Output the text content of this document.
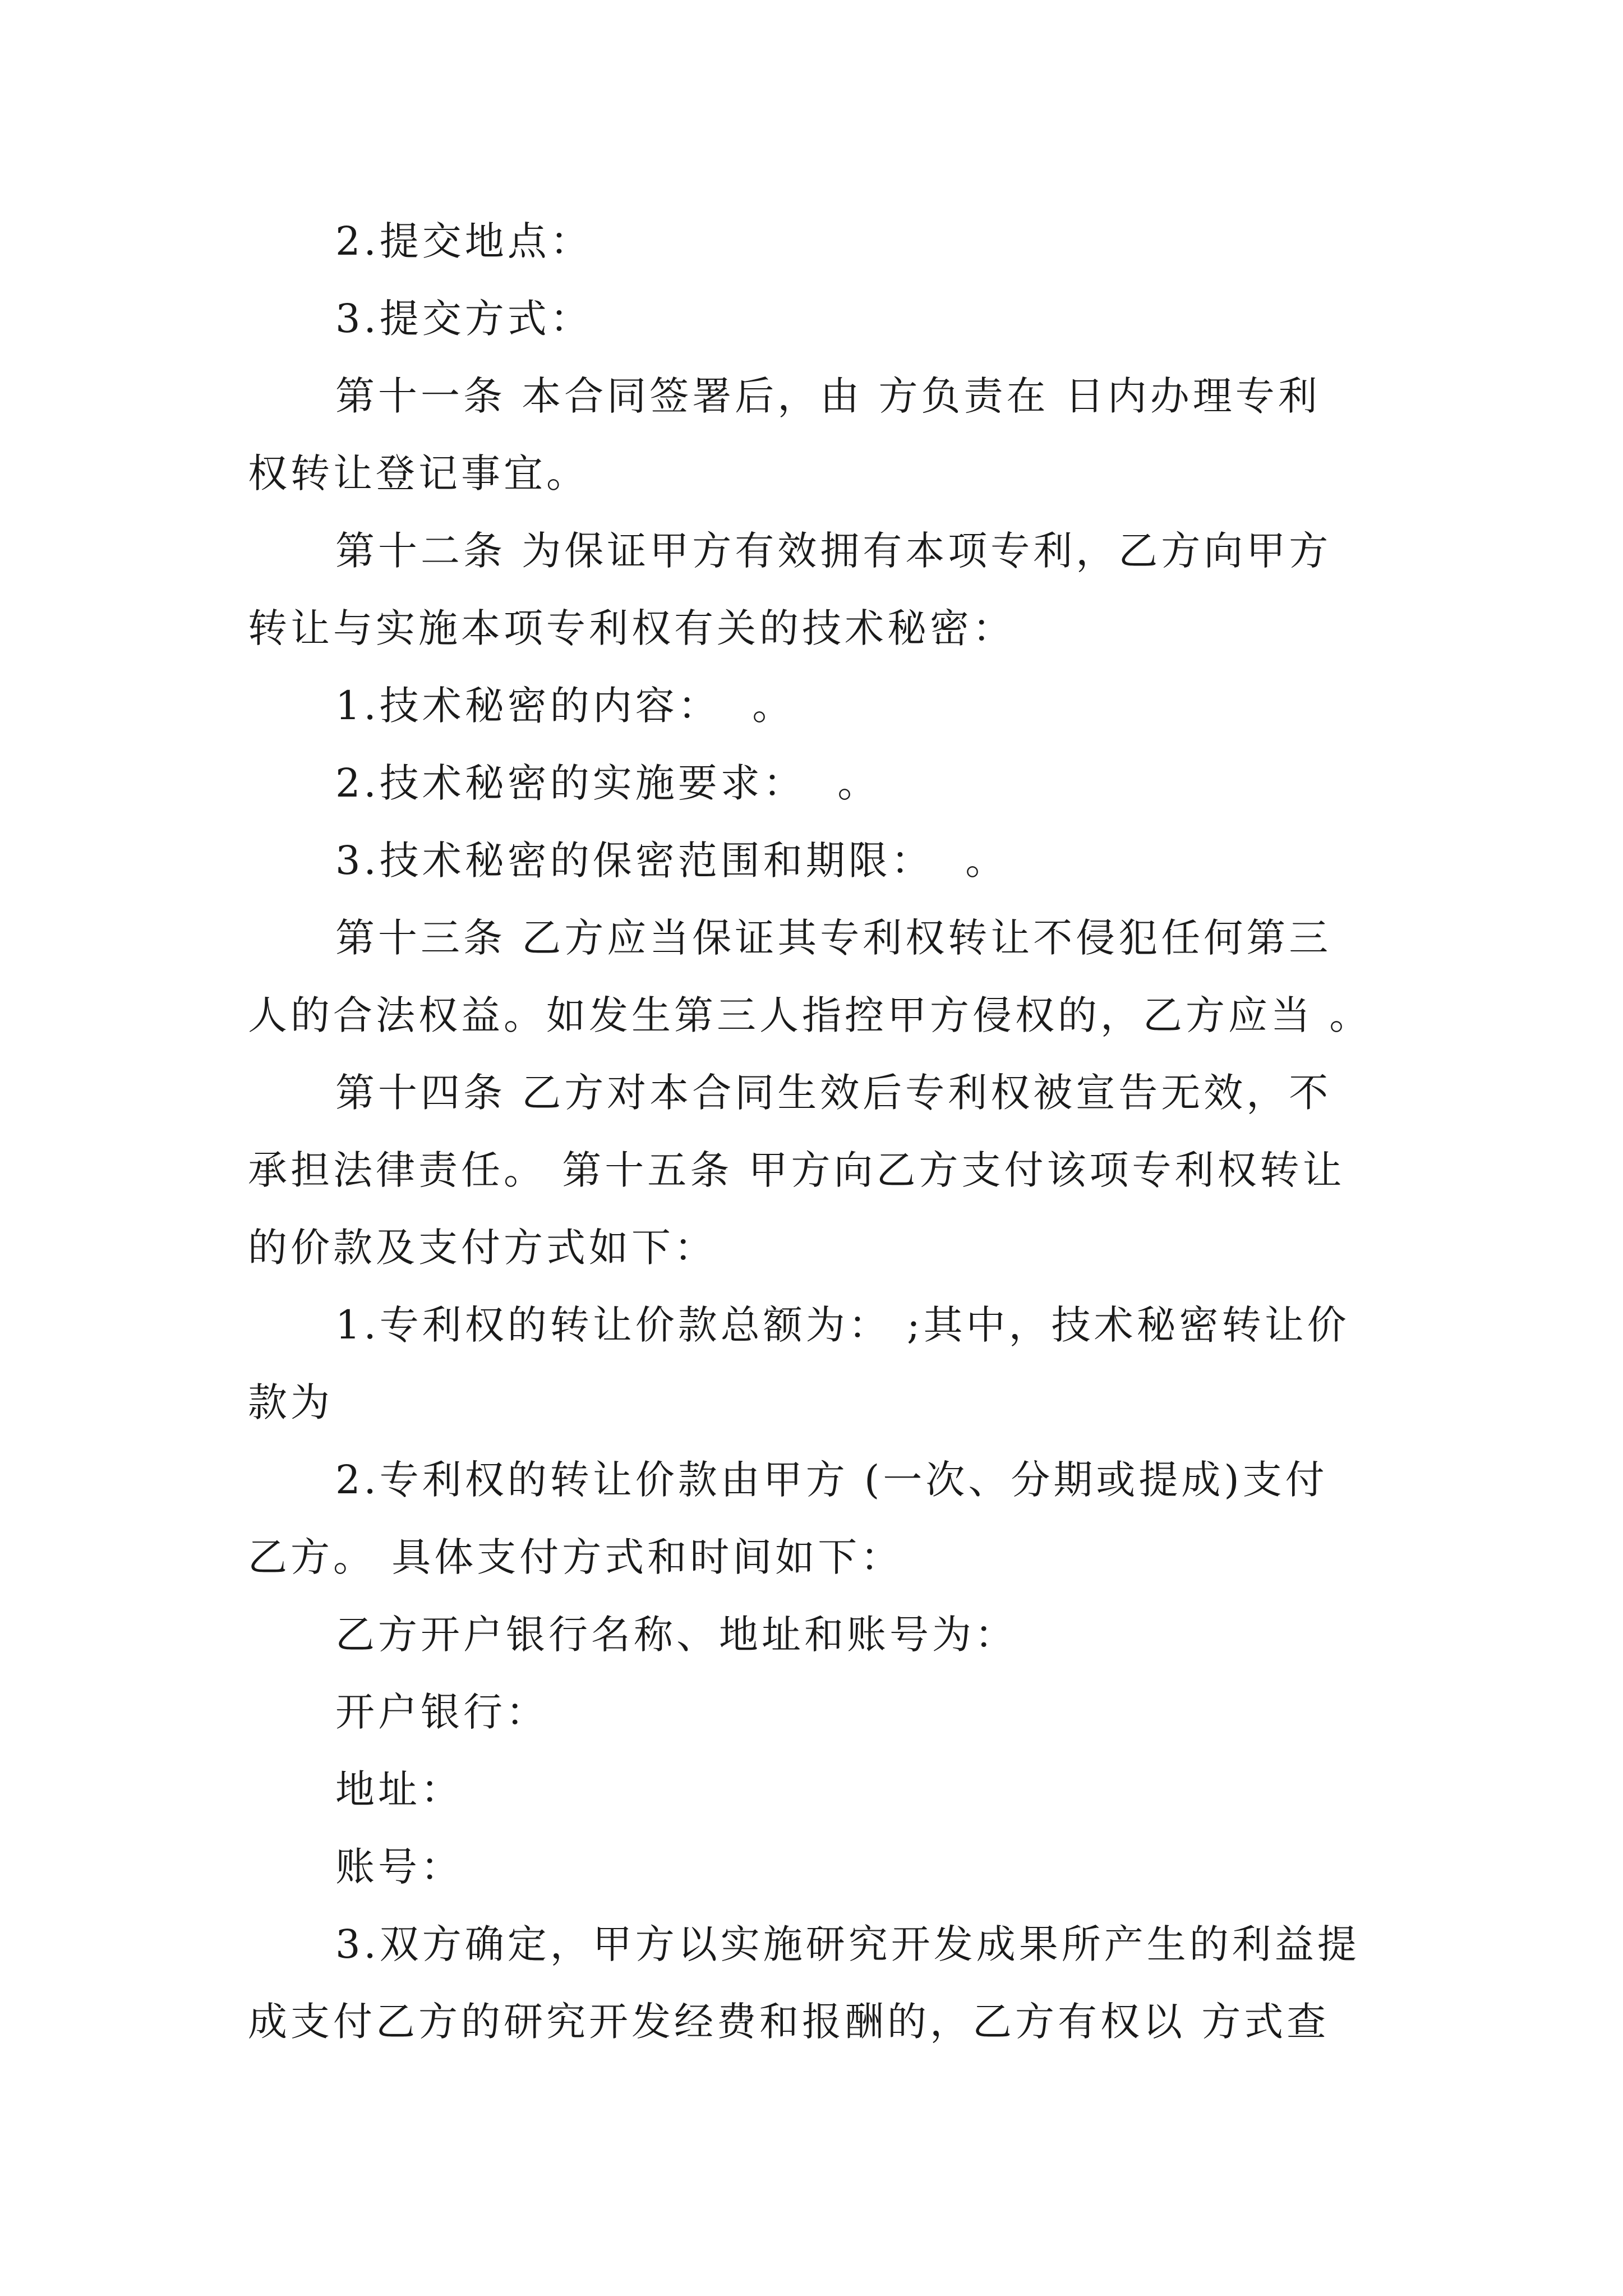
2.提交地点：
3.提交方式：
第十一条 本合同签署后，由 方负责在 日内办理专利
权转让登记事宜。
第十二条 为保证甲方有效拥有本项专利，乙方向甲方
转让与实施本项专利权有关的技术秘密：
1.技术秘密的内容：  。
2.技术秘密的实施要求：  。
3.技术秘密的保密范围和期限：  。
第十三条 乙方应当保证其专利权转让不侵犯任何第三
人的合法权益。如发生第三人指控甲方侵权的，乙方应当 。
第十四条 乙方对本合同生效后专利权被宣告无效，不
承担法律责任。 第十五条 甲方向乙方支付该项专利权转让
的价款及支付方式如下：
1.专利权的转让价款总额为： ;其中，技术秘密转让价
款为
2.专利权的转让价款由甲方 (一次、分期或提成)支付
乙方。 具体支付方式和时间如下：
乙方开户银行名称、地址和账号为：
开户银行：
地址：
账号：
3.双方确定，甲方以实施研究开发成果所产生的利益提
成支付乙方的研究开发经费和报酬的，乙方有权以 方式查
